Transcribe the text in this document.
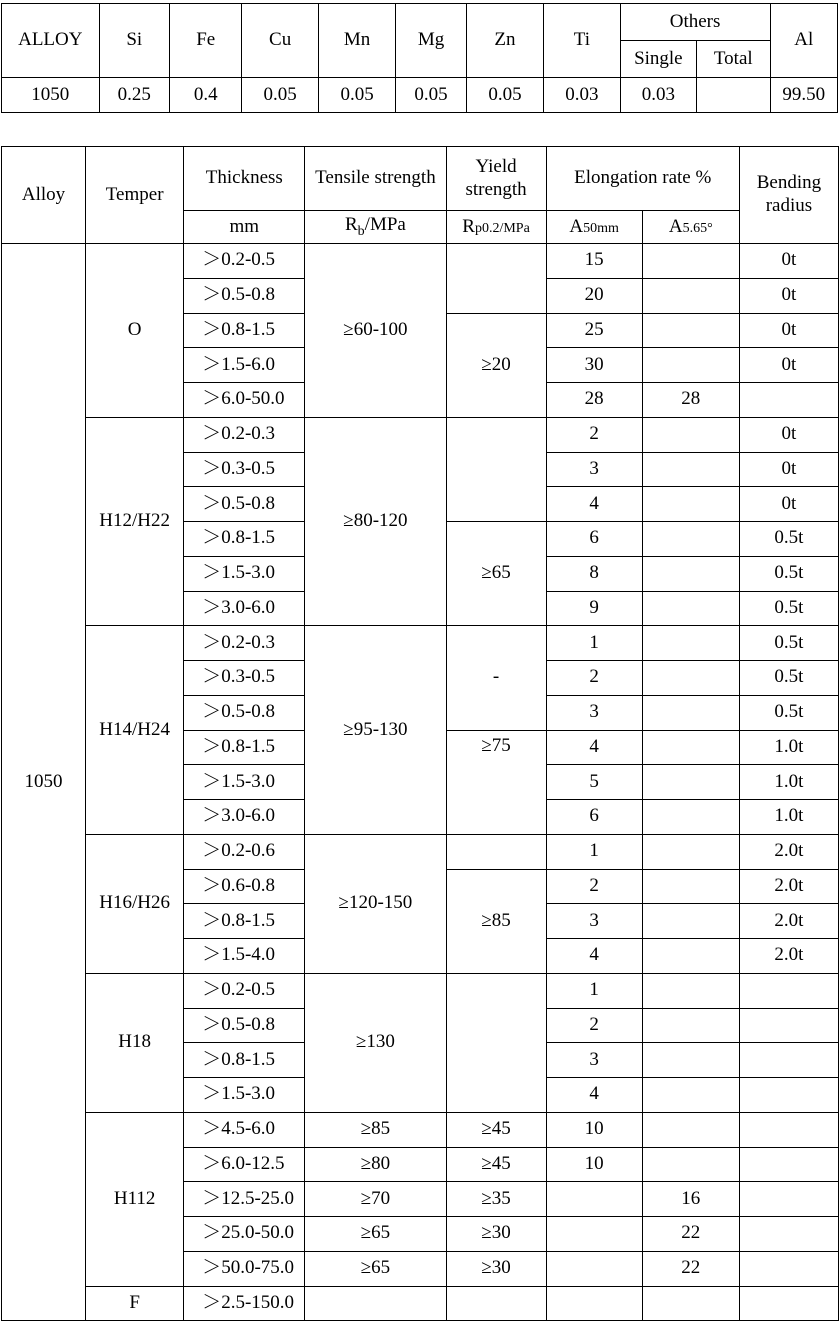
ALLOY	Si	Fe	Cu	Mn	Mg	Zn	Ti	Others		Al
								Single	Total	
1050	0.25	0.4	0.05	0.05	0.05	0.05	0.03	0.03		99.50
Alloy	Temper	Thickness	Tensile strength	Yield strength	Elongation rate %		Bending radius
		mm	$R_b$/MPa	Rp0.2/MPa	A50mm	A5.65°	
1050	O	＞0.2-0.5	≥60-100		15		0t
		＞0.5-0.8			20		0t
		＞0.8-1.5		≥20	25		0t
		＞1.5-6.0			30		0t
		＞6.0-50.0			28	28	
	H12/H22	＞0.2-0.3	≥80-120		2		0t
		＞0.3-0.5			3		0t
		＞0.5-0.8			4		0t
		＞0.8-1.5		≥65	6		0.5t
		＞1.5-3.0			8		0.5t
		＞3.0-6.0			9		0.5t
	H14/H24	＞0.2-0.3	≥95-130	-	1		0.5t
		＞0.3-0.5			2		0.5t
		＞0.5-0.8			3		0.5t
		＞0.8-1.5		≥75	4		1.0t
		＞1.5-3.0			5		1.0t
		＞3.0-6.0			6		1.0t
	H16/H26	＞0.2-0.6	≥120-150		1		2.0t
		＞0.6-0.8		≥85	2		2.0t
		＞0.8-1.5			3		2.0t
		＞1.5-4.0			4		2.0t
	H18	＞0.2-0.5	≥130		1		
		＞0.5-0.8			2		
		＞0.8-1.5			3		
		＞1.5-3.0			4		
	H112	＞4.5-6.0	≥85	≥45	10		
		＞6.0-12.5	≥80	≥45	10		
		＞12.5-25.0	≥70	≥35		16	
		＞25.0-50.0	≥65	≥30		22	
		＞50.0-75.0	≥65	≥30		22	
	F	＞2.5-150.0					
